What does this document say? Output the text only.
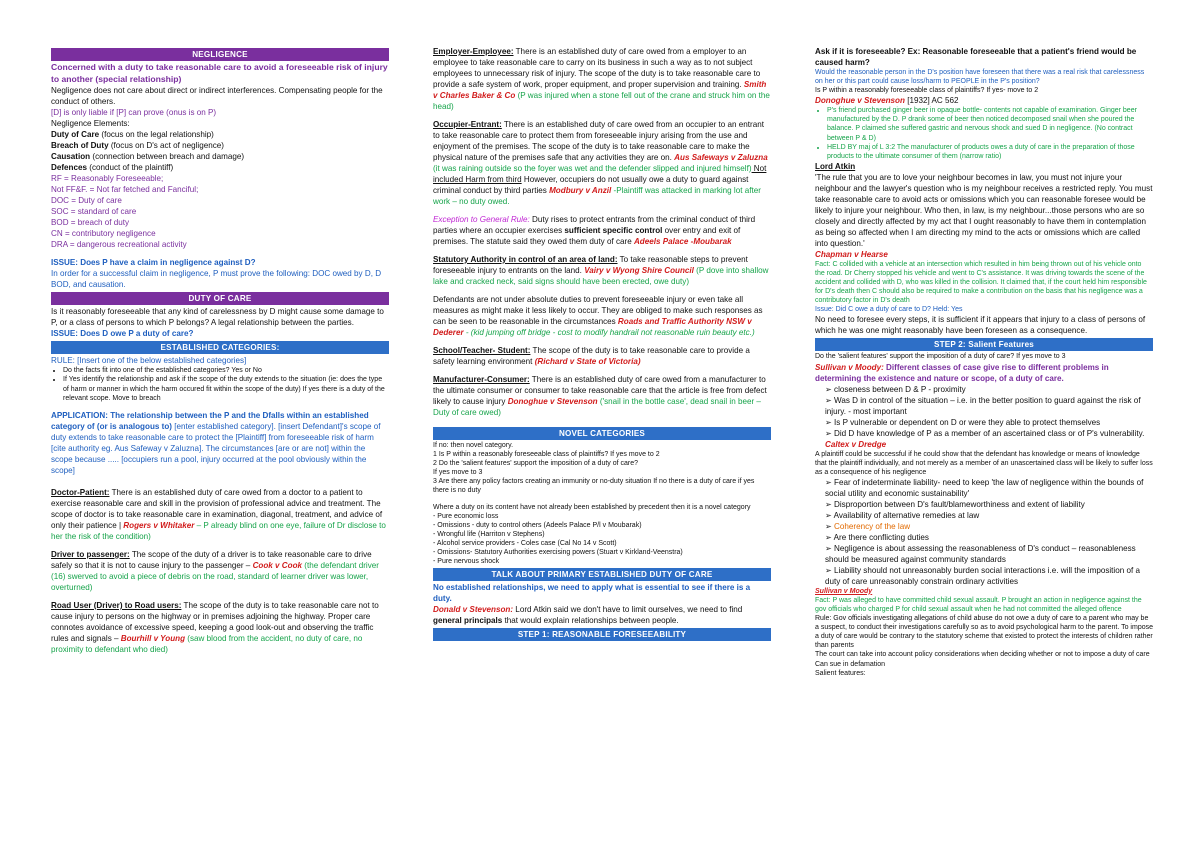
NEGLIGENCE

Concerned with a duty to take reasonable care to avoid a foreseeable risk of injury to another (special relationship)

Negligence does not care about direct or indirect interferences. Compensating people for the conduct of others.

[D] is only liable if [P] can prove (onus is on P)

Negligence Elements:

Duty of Care (focus on the legal relationship)

Breach of Duty (focus on D's act of negligence)

Causation (connection between breach and damage)

Defences (conduct of the plaintiff)

RF = Reasonably Foreseeable;

Not FF&F. = Not far fetched and Fanciful;

DOC = Duty of care

SOC = standard of care

BOD = breach of duty

CN = contributory negligence

DRA = dangerous recreational activity

ISSUE: Does P have a claim in negligence against D?

In order for a successful claim in negligence, P must prove the following: DOC owed by D, D BOD, and causation.

DUTY OF CARE

Is it reasonably foreseeable that any kind of carelessness by D might cause some damage to P, or a class of persons to which P belongs? A legal relationship between the parties.

ISSUE: Does D owe P a duty of care?

ESTABLISHED CATEGORIES:

RULE: [Insert one of the below established categories]

• Do the facts fit into one of the established categories? Yes or No
• If Yes identify the relationship and ask if the scope of the duty extends to the situation (ie: does the type of harm or manner in which the harm occured fit within the scope of the duty) If yes there is a duty of the relevant scope. Move to breach

APPLICATION: The relationship between the P and the Dfalls within an established category of (or is analogous to) [enter established category]. [insert Defendant]'s scope of duty extends to take reasonable care to protect the [Plaintiff] from foreseeable risk of harm [cite authority eg. Aus Safeway v Zaluzna]. The circumstances [are or are not] within the scope because ..... [occupiers run a pool, injury occurred at the pool obviously within the scope]

Doctor-Patient: There is an established duty of care owed from a doctor to a patient to exercise reasonable care and skill in the provision of professional advice and treatment. The scope of doctor is to take reasonable care in examination, diagonal, treatment, and advice of only their patience | Rogers v Whitaker – P already blind on one eye, failure of Dr disclose to her the risk of the condition)

Driver to passenger: The scope of the duty of a driver is to take reasonable care to drive safely so that it is not to cause injury to the passenger – Cook v Cook (the defendant driver (16) swerved to avoid a piece of debris on the road, standard of learner driver was lower, overturned)

Road User (Driver) to Road users: The scope of the duty is to take reasonable care not to cause injury to persons on the highway or in premises adjoining the highway. Proper care connotes avoidance of excessive speed, keeping a good look-out and observing the traffic rules and signals – Bourhill v Young (saw blood from the accident, no duty of care, no proximity to defendant who died)

Employer-Employee: There is an established duty of care owed from a employer to an employee to take reasonable care to carry on its business in such a way as to not subject employees to unnecessary risk of injury. The scope of the duty is to take reasonable care to provide a safe system of work, proper equipment, and proper supervision and training. Smith v Charles Baker & Co (P was injured when a stone fell out of the crane and struck him on the head)

Occupier-Entrant: There is an established duty of care owed from an occupier to an entrant to take reasonable care to protect them from foreseeable injury arising from the use and enjoyment of the premises. The scope of the duty is to take reasonable care to make the physical nature of the premises safe that any activities they are on. Aus Safeways v Zaluzna (it was raining outside so the foyer was wet and the defender slipped and injured himself) Not included Harm from third However, occupiers do not usually owe a duty to guard against criminal conduct by third parties Modbury v Anzil -Plaintiff was attacked in marking lot after work – no duty owed.

Exception to General Rule: Duty rises to protect entrants from the criminal conduct of third parties where an occupier exercises sufficient specific control over entry and exit of premises. The statute said they owed them duty of care Adeels Palace -Moubarak

Statutory Authority in control of an area of land: To take reasonable steps to prevent foreseeable injury to entrants on the land. Vairy v Wyong Shire Council (P dove into shallow lake and cracked neck, said signs should have been erected, owe duty)

Defendants are not under absolute duties to prevent foreseeable injury or even take all measures as might make it less likely to occur. They are obliged to make such responses as can be seen to be reasonable in the circumstances Roads and Traffic Authority NSW v Dederer - (kid jumping off bridge - cost to modify handrail not reasonable ruin beauty etc.)

School/Teacher- Student: The scope of the duty is to take reasonable care to provide a safety learning environment (Richard v State of Victoria)

Manufacturer-Consumer: There is an established duty of care owed from a manufacturer to the ultimate consumer or consumer to take reasonable care that the article is free from defect likely to cause injury Donoghue v Stevenson ('snail in the bottle case', dead snail in beer – Duty of care owed)

NOVEL CATEGORIES

If no: then novel category.

1 Is P within a reasonably foreseeable class of plaintiffs? If yes move to 2

2 Do the 'salient features' support the imposition of a duty of care?

If yes move to 3

3 Are there any policy factors creating an immunity or no-duty situation If no there is a duty of care if yes there is no duty

Where a duty on its content have not already been established by precedent then it is a novel category

- Pure economic loss

- Omissions - duty to control others (Adeels Palace P/l v Moubarak)

- Wrongful life (Harriton v Stephens)

- Alcohol service providers - Coles case (Cal No 14 v Scott)

- Omissions- Statutory Authorities exercising powers (Stuart v Kirkland-Veenstra)

- Pure nervous shock

TALK ABOUT PRIMARY ESTABLISHED DUTY OF CARE

No established relationships, we need to apply what is essential to see if there is a duty.

Donald v Stevenson: Lord Atkin said we don't have to limit ourselves, we need to find general principals that would explain relationships between people.

STEP 1: REASONABLE FORESEEABILITY

Ask if it is foreseeable? Ex: Reasonable foreseeable that a patient's friend would be caused harm?

Would the reasonable person in the D's position have foreseen that there was a real risk that carelessness on her or this part could cause loss/harm to PEOPLE in the P's position?

Is P within a reasonably foreseeable class of plaintiffs? If yes- move to 2

Donoghue v Stevenson [1932] AC 562

• P's friend purchased ginger beer in opaque bottle- contents not capable of examination. Ginger beer manufactured by the D. P drank some of beer then noticed decomposed snail when she poured the balance. P claimed she suffered gastric and nervous shock and sued D in negligence. (No contract between P & D)
• HELD BY maj of L 3:2 The manufacturer of products owes a duty of care in the preparation of those products to the ultimate consumer of them (narrow ratio)

Lord Atkin

'The rule that you are to love your neighbour becomes in law, you must not injure your neighbour and the lawyer's question who is my neighbour receives a restricted reply. You must take reasonable care to avoid acts or omissions which you can reasonable foresee would be likely to injure your neighbour. Who then, in law, is my neighbour...those persons who are so closely and directly affected by my act that I ought reasonably to have them in contemplation as being so affected when I am directing my mind to the acts or omissions which are called into question.'

Chapman v Hearse

Fact: C collided with a vehicle at an intersection which resulted in him being thrown out of his vehicle onto the road. Dr Cherry stopped his vehicle and went to C's assistance. It was driving towards the scene of the accident and collided with D, who was killed in the collision. It claimed that, if the court held him responsible for D's death then C should also be required to make a contribution on the basis that his negligence was a contributory factor in D's death

Issue: Did C owe a duty of care to D? Held: Yes

No need to foresee every steps, it is sufficient if it appears that injury to a class of persons of which he was one might reasonably have been foreseen as a consequence.

STEP 2: Salient Features

Do the 'salient features' support the imposition of a duty of care? If yes move to 3

Sullivan v Moody: Different classes of case give rise to different problems in determining the existence and nature or scope, of a duty of care.

➢ closeness between D & P - proximity
➢ Was D in control of the situation – i.e. in the better position to guard against the risk of injury. - most important
➢ Is P vulnerable or dependent on D or were they able to protect themselves
➢ Did D have knowledge of P as a member of an ascertained class or of P's vulnerability. Caltex v Dredge

A plaintiff could be successful if he could show that the defendant has knowledge or means of knowledge that the plaintiff individually, and not merely as a member of an unascertained class will be likely to suffer loss as a consequence of his negligence

➢ Fear of indeterminate liability- need to keep 'the law of negligence within the bounds of social utility and economic sustainability'
➢ Disproportion between D's fault/blameworthiness and extent of liability
➢ Availability of alternative remedies at law
➢ Coherency of the law
➢ Are there conflicting duties
➢ Negligence is about assessing the reasonableness of D's conduct – reasonableness should be measured against community standards
➢ Liability should not unreasonably burden social interactions i.e. will the imposition of a duty of care unreasonably constrain ordinary activities

Sullivan v Moody

Fact: P was alleged to have committed child sexual assault. P brought an action in negligence against the gov officials who charged P for child sexual assault when he had not committed the alleged offence

Rule: Gov officials investigating allegations of child abuse do not owe a duty of care to a parent who may be a suspect, to conduct their investigations carefully so as to avoid psychological harm to the parent. To impose a duty of care would be contrary to the statutory scheme that existed to protect the interests of children rather than parents

The court can take into account policy considerations when deciding whether or not to impose a duty of care Can sue in defamation

Salient features:
